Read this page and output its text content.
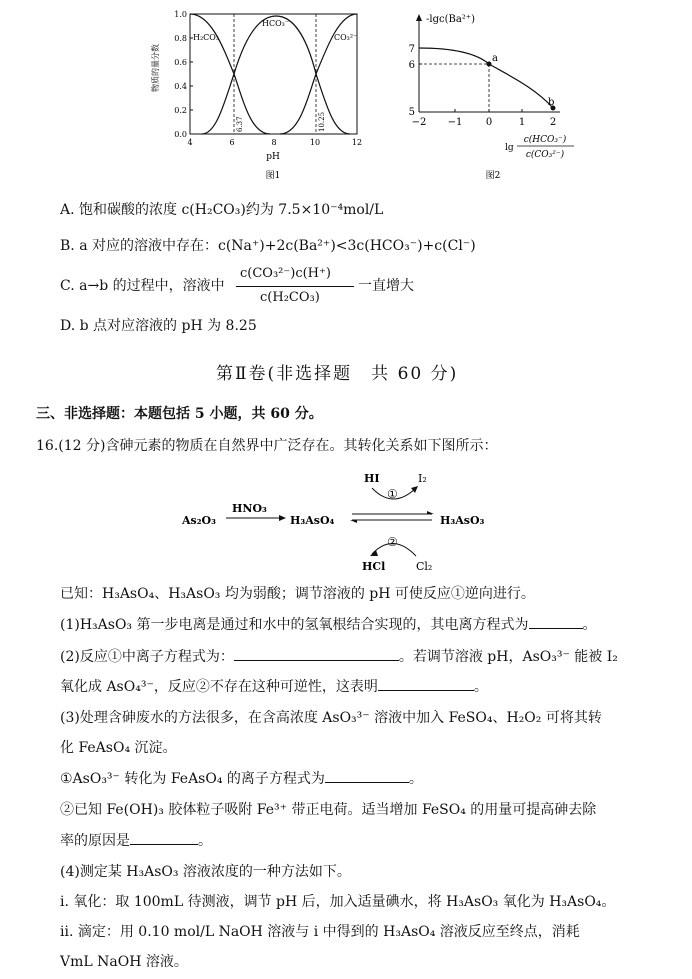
物质的量分数
0.0
0.2
0.4
0.6
0.8
1.0
4	6	8	10	12
H₂CO₃
HCO₃⁻
CO₃²⁻
6.37	10.25
pH
图1
-lgc(Ba²⁺)
7
6
5
−2 −1 0	1 2
a
b
lg
c(HCO₃⁻)
c(CO₃²⁻)
图2
A. 饱和碳酸的浓度 c(H₂CO₃)约为 7.5×10⁻⁴mol/L
B. a 对应的溶液中存在：c(Na⁺)+2c(Ba²⁺)<3c(HCO₃⁻)+c(Cl⁻)
C. a→b 的过程中，溶液中
c(CO₃²⁻)c(H⁺)
c(H₂CO₃)
一直增大
D. b 点对应溶液的 pH 为 8.25
第Ⅱ卷(非选择题　共 60 分)
三、非选择题：本题包括 5 小题，共 60 分。
16.(12 分)含砷元素的物质在自然界中广泛存在。其转化关系如下图所示：
As₂O₃
HNO₃
H₃AsO₄	H₃AsO₃
HI	I₂
①
②
HCl	Cl₂
已知：H₃AsO₄、H₃AsO₃ 均为弱酸；调节溶液的 pH 可使反应①逆向进行。
(1)H₃AsO₃ 第一步电离是通过和水中的氢氧根结合实现的，其电离方程式为	。
(2)反应①中离子方程式为：	。若调节溶液 pH，AsO₃³⁻ 能被 I₂
氧化成 AsO₄³⁻，反应②不存在这种可逆性，这表明	。
(3)处理含砷废水的方法很多，在含高浓度 AsO₃³⁻ 溶液中加入 FeSO₄、H₂O₂ 可将其转
化 FeAsO₄ 沉淀。
①AsO₃³⁻ 转化为 FeAsO₄ 的离子方程式为	。
②已知 Fe(OH)₃ 胶体粒子吸附 Fe³⁺ 带正电荷。适当增加 FeSO₄ 的用量可提高砷去除
率的原因是	。
(4)测定某 H₃AsO₃ 溶液浓度的一种方法如下。
ⅰ. 氧化：取 100mL 待测液，调节 pH 后，加入适量碘水，将 H₃AsO₃ 氧化为 H₃AsO₄。
ⅱ. 滴定：用 0.10 mol/L NaOH 溶液与 ⅰ 中得到的 H₃AsO₄ 溶液反应至终点，消耗
VmL NaOH 溶液。
